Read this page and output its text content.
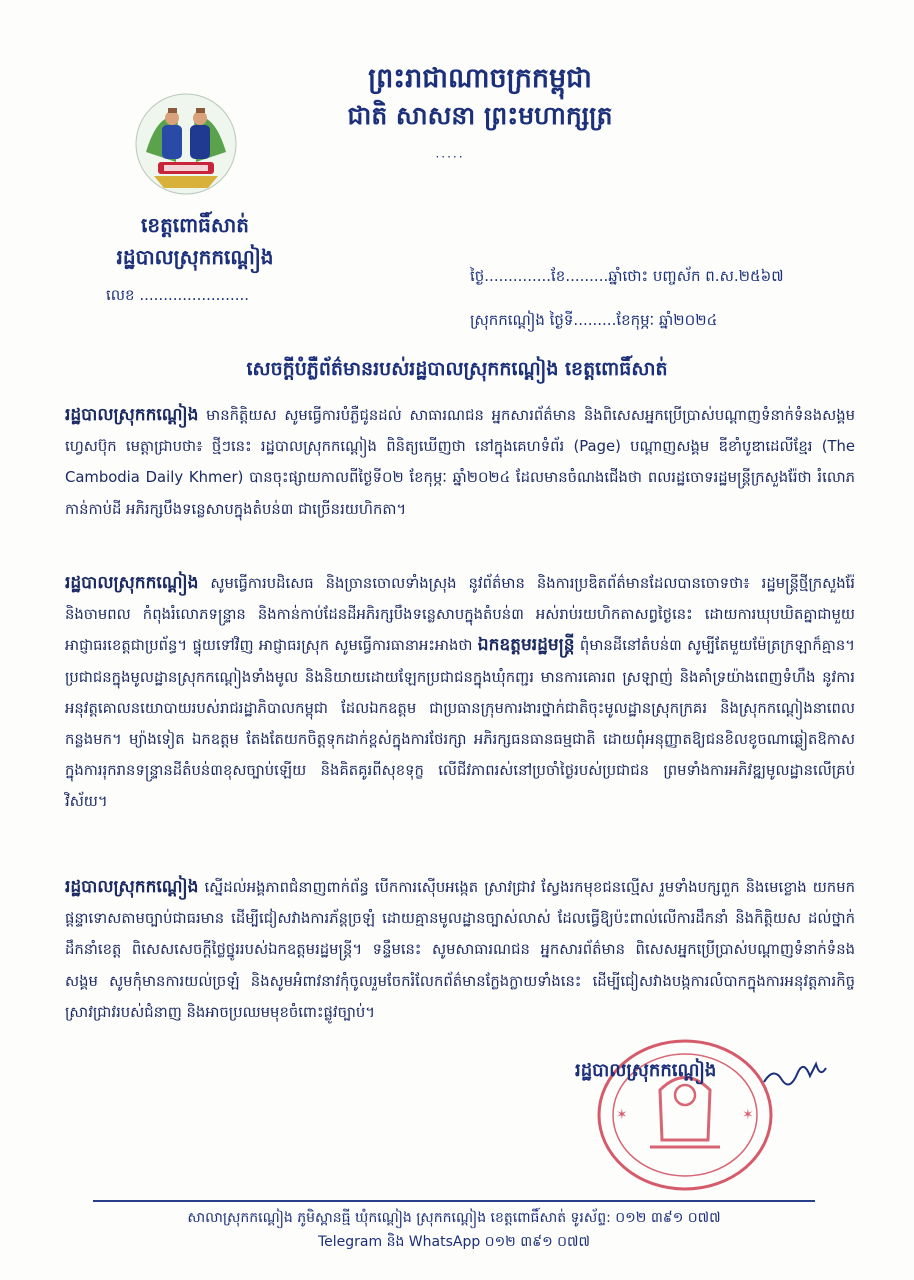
ព្រះរាជាណាចក្រកម្ពុជា
ជាតិ សាសនា ព្រះមហាក្សត្រ
·····
ខេត្តពោធិ៍សាត់
រដ្ឋបាលស្រុកកណ្ដៀង
លេខ .......................
ថ្ងៃ..............ខែ.........ឆ្នាំថោះ បញ្ចស័ក ព.ស.២៥៦៧
ស្រុកកណ្ដៀង ថ្ងៃទី.........ខែកុម្ភៈ ឆ្នាំ២០២៤
សេចក្ដីបំភ្លឺព័ត៌មានរបស់រដ្ឋបាលស្រុកកណ្ដៀង ខេត្តពោធិ៍សាត់
រដ្ឋបាលស្រុកកណ្ដៀង មានកិត្តិយស សូមធ្វើការបំភ្លឺជូនដល់ សាធារណជន អ្នកសារព័ត៌មាន និងពិសេសអ្នកប្រើប្រាស់បណ្ដាញទំនាក់ទំនងសង្គមហ្វេសប៊ុក មេត្តាជ្រាបថា៖ ថ្មីៗនេះ រដ្ឋបាលស្រុកកណ្ដៀង ពិនិត្យឃើញថា នៅក្នុងគេហទំព័រ (Page) បណ្ដាញសង្គម ឌីខាំបូឌាដេលីខ្មែរ (The Cambodia Daily Khmer) បានចុះផ្សាយកាលពីថ្ងៃទី០២ ខែកុម្ភៈ ឆ្នាំ២០២៤ ដែលមានចំណងជើងថា ពលរដ្ឋចោទរដ្ឋមន្ត្រីក្រសួងរ៉ែថា រំលោភកាន់កាប់ដី អភិរក្សបឹងទន្លេសាបក្នុងតំបន់៣ ជាច្រើនរយហិកតា។
រដ្ឋបាលស្រុកកណ្ដៀង សូមធ្វើការបដិសេធ និងច្រានចោលទាំងស្រុង នូវព័ត៌មាន និងការប្រឌិតព័ត៌មានដែលបានចោទថា៖ រដ្ឋមន្ត្រីថ្មីក្រសួងរ៉ែ និងចាមពល កំពុងរំលោភទន្ទ្រាន និងកាន់កាប់ដែនដីអភិរក្សបឹងទន្លេសាបក្នុងតំបន់៣ អស់រាប់រយហិកតាសព្វថ្ងៃនេះ ដោយការឃុបឃិតគ្នាជាមួយអាជ្ញាធរខេត្តជាប្រព័ន្ធ។ ផ្ទុយទៅវិញ អាជ្ញាធរស្រុក សូមធ្វើការធានាអះអាងថា ឯកឧត្តមរដ្ឋមន្ត្រី ពុំមានដីនៅតំបន់៣ សូម្បីតែមួយម៉ែត្រក្រឡាក៏គ្មាន។ ប្រជាជនក្នុងមូលដ្ឋានស្រុកកណ្ដៀងទាំងមូល និងនិយាយដោយឡែកប្រជាជនក្នុងឃុំកញ្ជរ មានការគោរព ស្រឡាញ់ និងគាំទ្រយ៉ាងពេញទំហឹង នូវការអនុវត្តគោលនយោបាយរបស់រាជរដ្ឋាភិបាលកម្ពុជា ដែលឯកឧត្តម ជាប្រធានក្រុមការងារថ្នាក់ជាតិចុះមូលដ្ឋានស្រុកក្រគរ និងស្រុកកណ្ដៀងនាពេលកន្លងមក។ ម្យ៉ាងទៀត ឯកឧត្តម តែងតែយកចិត្តទុកដាក់ខ្ពស់ក្នុងការថែរក្សា អភិរក្សធនធានធម្មជាតិ ដោយពុំអនុញ្ញាតឱ្យជនខិលខូចណាឆ្លៀតឱកាសក្នុងការរុករានទន្ទ្រានដីតំបន់៣ខុសច្បាប់ឡើយ និងគិតគូរពីសុខទុក្ខ លើជីវភាពរស់នៅប្រចាំថ្ងៃរបស់ប្រជាជន ព្រមទាំងការអភិវឌ្ឍមូលដ្ឋានលើគ្រប់វិស័យ។
រដ្ឋបាលស្រុកកណ្ដៀង ស្នើដល់អង្គភាពជំនាញពាក់ព័ន្ធ បើកការស៊ើបអង្កេត ស្រាវជ្រាវ ស្វែងរកមុខជនល្មើស រួមទាំងបក្សពួក និងមេខ្លោង យកមកផ្ដន្ទាទោសតាមច្បាប់ជាធរមាន ដើម្បីជៀសវាងការភ័ន្តច្រឡំ ដោយគ្មានមូលដ្ឋានច្បាស់លាស់ ដែលធ្វើឱ្យប៉ះពាល់លើការដឹកនាំ និងកិត្តិយស ដល់ថ្នាក់ដឹកនាំខេត្ត ពិសេសសេចក្ដីថ្លៃថ្នូររបស់ឯកឧត្តមរដ្ឋមន្ត្រី។ ទន្ទឹមនេះ សូមសាធារណជន អ្នកសារព័ត៌មាន ពិសេសអ្នកប្រើប្រាស់បណ្ដាញទំនាក់ទំនងសង្គម សូមកុំមានការយល់ច្រឡំ និងសូមអំពាវនាវកុំចូលរួមចែករំលែកព័ត៌មានក្លែងក្លាយទាំងនេះ ដើម្បីជៀសវាងបង្កការលំបាកក្នុងការអនុវត្តភារកិច្ចស្រាវជ្រាវរបស់ជំនាញ និងអាចប្រឈមមុខចំពោះផ្លូវច្បាប់។
✶	✶
រដ្ឋបាលស្រុកកណ្ដៀង
សាលាស្រុកកណ្ដៀង ភូមិស្ពានធ្មី ឃុំកណ្ដៀង ស្រុកកណ្ដៀង ខេត្តពោធិ៍សាត់ ទូរស័ព្ទ: ០១២ ៣៩១ ០៧៧
Telegram និង WhatsApp ០១២ ៣៩១ ០៧៧
